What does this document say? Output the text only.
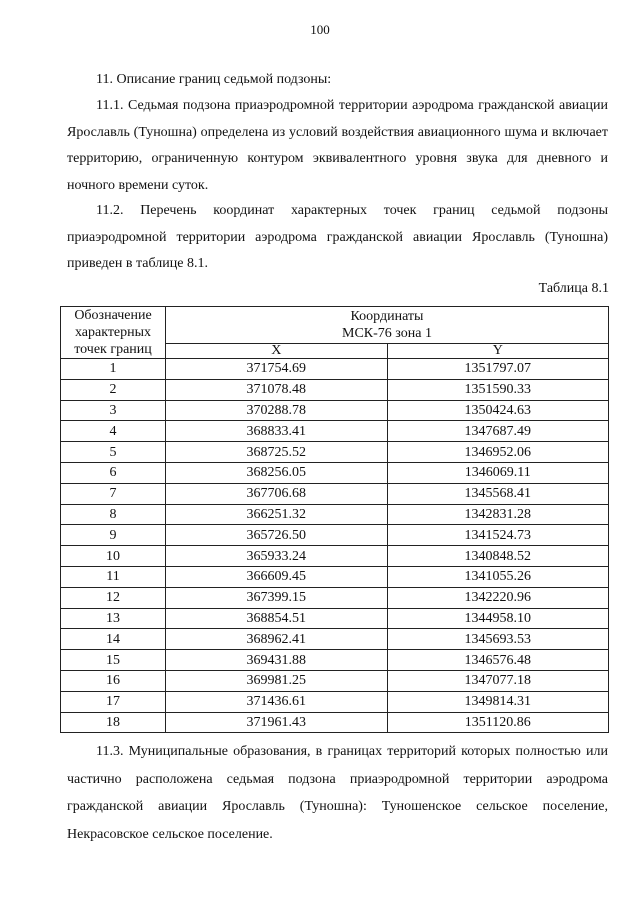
100

11. Описание границ седьмой подзоны:

11.1. Седьмая подзона приаэродромной территории аэродрома гражданской авиации Ярославль (Туношна) определена из условий воздействия авиационного шума и включает территорию, ограниченную контуром эквивалентного уровня звука для дневного и ночного времени суток.

11.2. Перечень координат характерных точек границ седьмой подзоны приаэродромной территории аэродрома гражданской авиации Ярославль (Туношна) приведен в таблице 8.1.

Таблица 8.1
Обозначение характерных точек границ	Координаты
МСК-76 зона 1	

	X	Y
1	371754.69	1351797.07
2	371078.48	1351590.33
3	370288.78	1350424.63
4	368833.41	1347687.49
5	368725.52	1346952.06
6	368256.05	1346069.11
7	367706.68	1345568.41
8	366251.32	1342831.28
9	365726.50	1341524.73
10	365933.24	1340848.52
11	366609.45	1341055.26
12	367399.15	1342220.96
13	368854.51	1344958.10
14	368962.41	1345693.53
15	369431.88	1346576.48
16	369981.25	1347077.18
17	371436.61	1349814.31
18	371961.43	1351120.86

11.3. Муниципальные образования, в границах территорий которых полностью или частично расположена седьмая подзона приаэродромной территории аэродрома гражданской авиации Ярославль (Туношна): Туношенское сельское поселение, Некрасовское сельское поселение.
